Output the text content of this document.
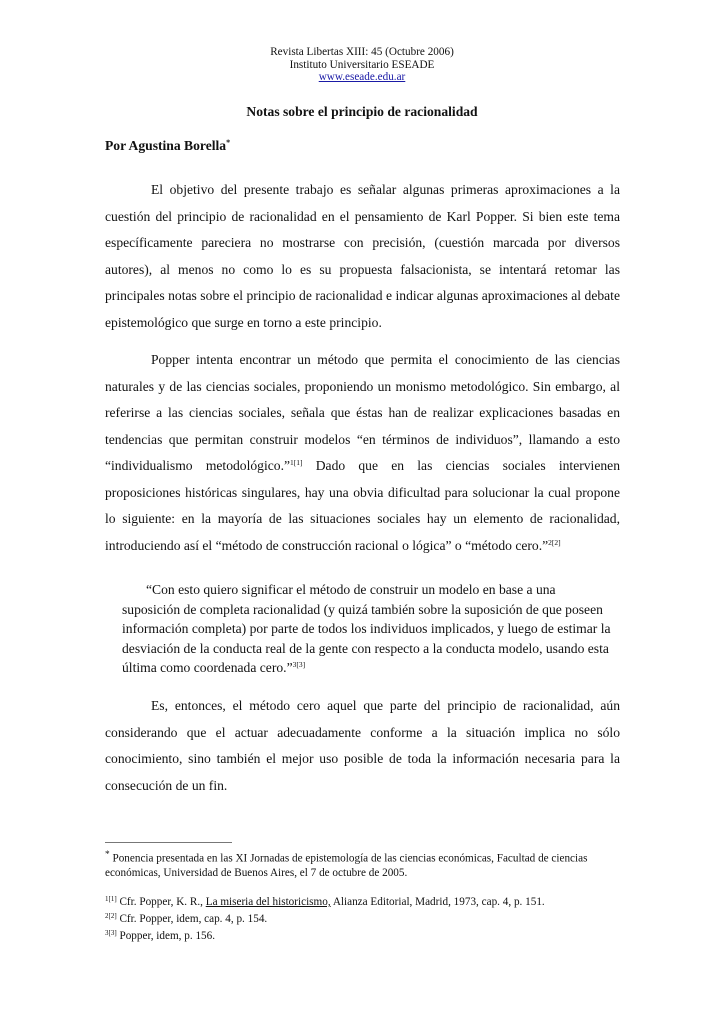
Revista Libertas XIII: 45 (Octubre 2006)
Instituto Universitario ESEADE
www.eseade.edu.ar
Notas sobre el principio de racionalidad
Por Agustina Borella*
El objetivo del presente trabajo es señalar algunas primeras aproximaciones a la cuestión del principio de racionalidad en el pensamiento de Karl Popper. Si bien este tema específicamente pareciera no mostrarse con precisión, (cuestión marcada por diversos autores), al menos no como lo es su propuesta falsacionista, se intentará retomar las principales notas sobre el principio de racionalidad e indicar algunas aproximaciones al debate epistemológico que surge en torno a este principio.
Popper intenta encontrar un método que permita el conocimiento de las ciencias naturales y de las ciencias sociales, proponiendo un monismo metodológico. Sin embargo, al referirse a las ciencias sociales, señala que éstas han de realizar explicaciones basadas en tendencias que permitan construir modelos “en términos de individuos”, llamando a esto “individualismo metodológico.”$^{1[1]}$ Dado que en las ciencias sociales intervienen proposiciones históricas singulares, hay una obvia dificultad para solucionar la cual propone lo siguiente: en la mayoría de las situaciones sociales hay un elemento de racionalidad, introduciendo así el “método de construcción racional o lógica” o “método cero.”$^{2[2]}$
“Con esto quiero significar el método de construir un modelo en base a una suposición de completa racionalidad (y quizá también sobre la suposición de que poseen información completa) por parte de todos los individuos implicados, y luego de estimar la desviación de la conducta real de la gente con respecto a la conducta modelo, usando esta última como coordenada cero.”$^{3[3]}$
Es, entonces, el método cero aquel que parte del principio de racionalidad, aún considerando que el actuar adecuadamente conforme a la situación implica no sólo conocimiento, sino también el mejor uso posible de toda la información necesaria para la consecución de un fin.
* Ponencia presentada en las XI Jornadas de epistemología de las ciencias económicas, Facultad de ciencias económicas, Universidad de Buenos Aires, el 7 de octubre de 2005.
$^{1[1]}$ Cfr. Popper, K. R., La miseria del historicismo, Alianza Editorial, Madrid, 1973, cap. 4, p. 151.
$^{2[2]}$ Cfr. Popper, idem, cap. 4, p. 154.
$^{3[3]}$ Popper, idem, p. 156.
